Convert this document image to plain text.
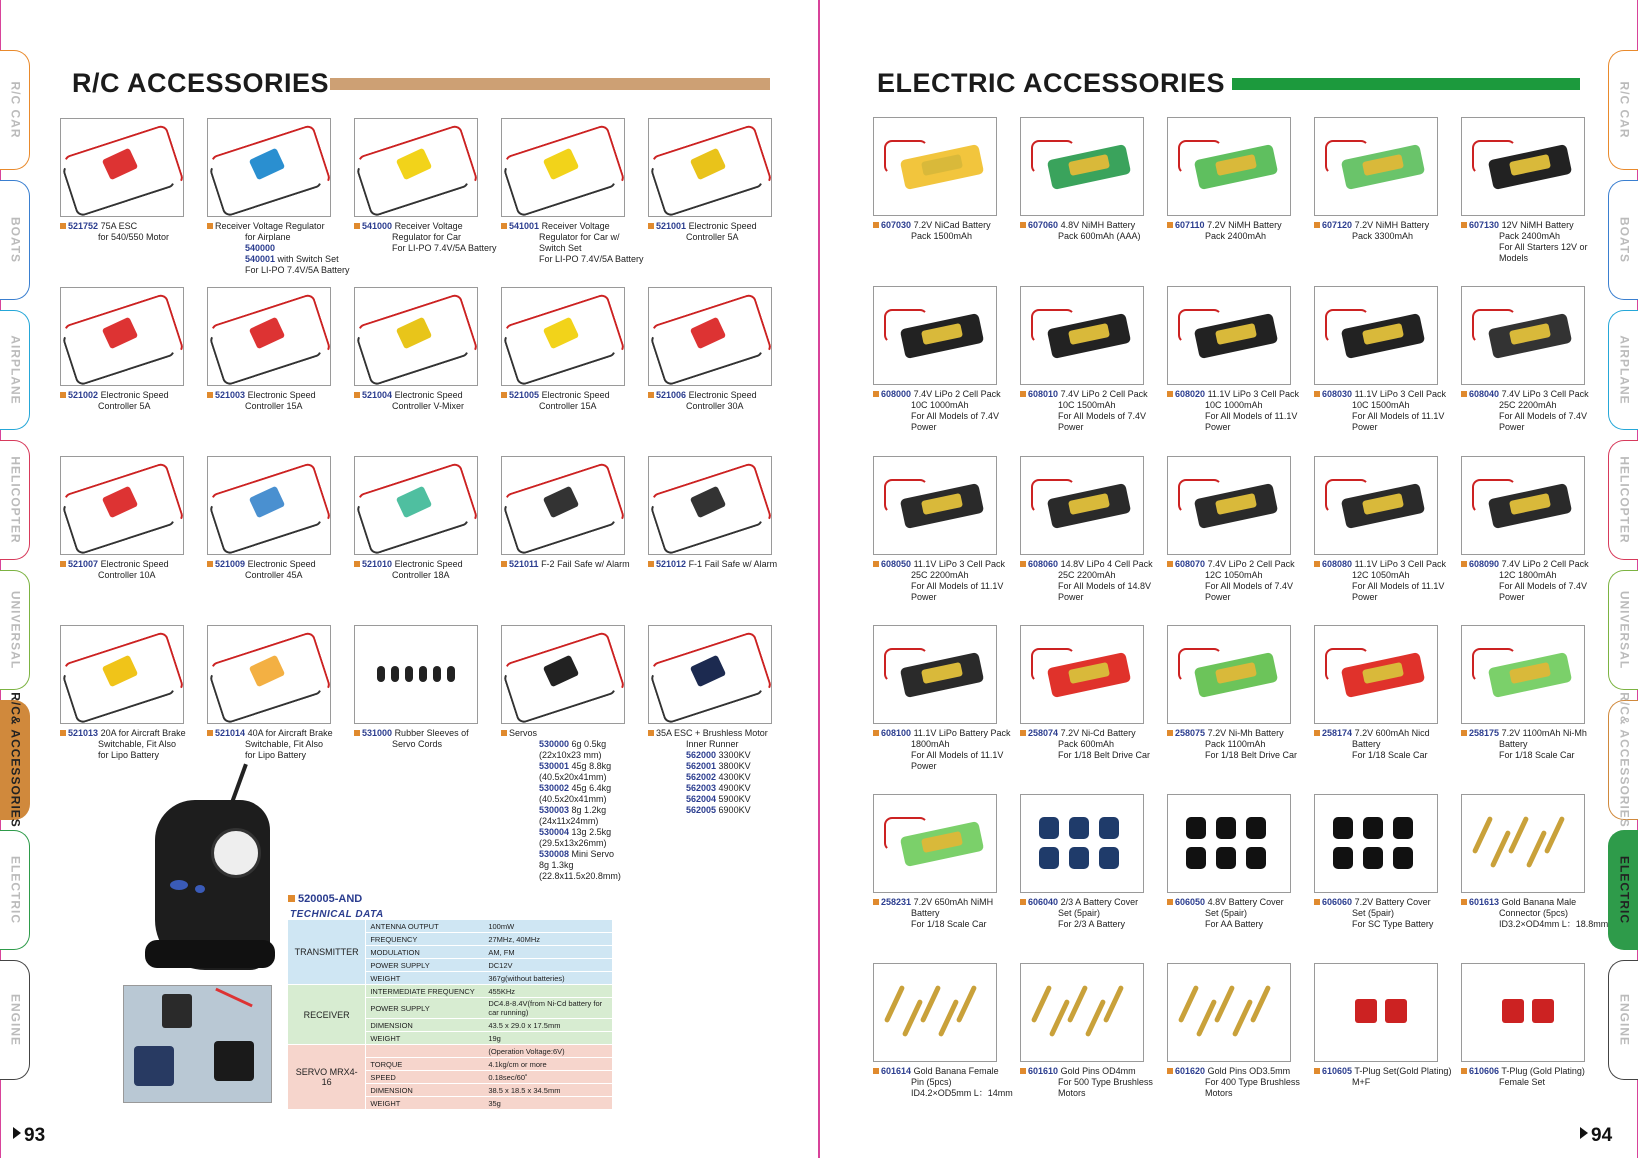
R/C ACCESSORIES	ELECTRIC ACCESSORIES
R/C CAR
BOATS
AIRPLANE
HELICOPTER
UNIVERSAL
R/C& ACCESSORIES
ELECTRIC
ENGINE
R/C CAR
BOATS
AIRPLANE
HELICOPTER
UNIVERSAL
R/C& ACCESSORIES
ELECTRIC
ENGINE
521752 75A ESC
for 540/550 Motor
Receiver Voltage Regulator
for Airplane
540000
540001 with Switch Set
For LI-PO 7.4V/5A Battery
541000 Receiver Voltage
Regulator for Car
For LI-PO 7.4V/5A Battery
541001 Receiver Voltage
Regulator for Car w/
Switch Set
For LI-PO 7.4V/5A Battery
521001 Electronic Speed
Controller 5A
521002 Electronic Speed
Controller 5A
521003 Electronic Speed
Controller 15A
521004 Electronic Speed
Controller V-Mixer
521005 Electronic Speed
Controller 15A
521006 Electronic Speed
Controller 30A
521007 Electronic Speed
Controller 10A
521009 Electronic Speed
Controller 45A
521010 Electronic Speed
Controller 18A
521011 F-2 Fail Safe w/ Alarm	521012 F-1 Fail Safe w/ Alarm
521013 20A for Aircraft Brake
Switchable, Fit Also
for Lipo Battery
521014 40A for Aircraft Brake
Switchable, Fit Also
for Lipo Battery
531000 Rubber Sleeves of
Servo Cords
Servos
530000 6g 0.5kg
(22x10x23 mm)
530001 45g 8.8kg
(40.5x20x41mm)
530002 45g 6.4kg
(40.5x20x41mm)
530003 8g 1.2kg
(24x11x24mm)
530004 13g 2.5kg
(29.5x13x26mm)
530008 Mini Servo
8g 1.3kg
(22.8x11.5x20.8mm)
35A ESC + Brushless Motor
Inner Runner
562000 3300KV
562001 3800KV
562002 4300KV
562003 4900KV
562004 5900KV
562005 6900KV
607030 7.2V NiCad Battery
Pack 1500mAh
607060 4.8V NiMH Battery
Pack 600mAh (AAA)
607110 7.2V NiMH Battery
Pack 2400mAh
607120 7.2V NiMH Battery
Pack 3300mAh
607130 12V NiMH Battery
Pack 2400mAh
For All Starters 12V or Models
608000 7.4V LiPo 2 Cell Pack
10C 1000mAh
For All Models of 7.4V Power
608010 7.4V LiPo 2 Cell Pack
10C 1500mAh
For All Models of 7.4V Power
608020 11.1V LiPo 3 Cell Pack
10C 1000mAh
For All Models of 11.1V Power
608030 11.1V LiPo 3 Cell Pack
10C 1500mAh
For All Models of 11.1V Power
608040 7.4V LiPo 3 Cell Pack
25C 2200mAh
For All Models of 7.4V Power
608050 11.1V LiPo 3 Cell Pack
25C 2200mAh
For All Models of 11.1V Power
608060 14.8V LiPo 4 Cell Pack
25C 2200mAh
For All Models of 14.8V Power
608070 7.4V LiPo 2 Cell Pack
12C 1050mAh
For All Models of 7.4V Power
608080 11.1V LiPo 3 Cell Pack
12C 1050mAh
For All Models of 11.1V Power
608090 7.4V LiPo 2 Cell Pack
12C 1800mAh
For All Models of 7.4V Power
608100 11.1V LiPo Battery Pack
1800mAh
For All Models of 11.1V Power
258074 7.2V Ni-Cd Battery
Pack 600mAh
For 1/18 Belt Drive Car
258075 7.2V Ni-Mh Battery
Pack 1100mAh
For 1/18 Belt Drive Car
258174 7.2V 600mAh Nicd
Battery
For 1/18 Scale Car
258175 7.2V 1100mAh Ni-Mh
Battery
For 1/18 Scale Car
258231 7.2V 650mAh NiMH
Battery
For 1/18 Scale Car
606040 2/3 A Battery Cover
Set (5pair)
For 2/3 A Battery
606050 4.8V Battery Cover
Set (5pair)
For AA Battery
606060 7.2V Battery Cover
Set (5pair)
For SC Type Battery
601613 Gold Banana Male
Connector (5pcs)
ID3.2×OD4mm L：18.8mm
601614 Gold Banana Female
Pin (5pcs)
ID4.2×OD5mm L：14mm
601610 Gold Pins OD4mm
For 500 Type Brushless Motors
601620 Gold Pins OD3.5mm
For 400 Type Brushless Motors
610605 T-Plug Set(Gold Plating)
M+F
610606 T-Plug (Gold Plating)
Female Set
520005-AND
TECHNICAL DATA
TRANSMITTER	ANTENNA OUTPUT	100mW
	FREQUENCY	27MHz, 40MHz
	MODULATION	AM, FM
	POWER SUPPLY	DC12V
	WEIGHT	367g(without batteries)
RECEIVER	INTERMEDIATE FREQUENCY	455KHz
	POWER SUPPLY	DC4.8-8.4V(from Ni-Cd battery for car running)
	DIMENSION	43.5 x 29.0 x 17.5mm
	WEIGHT	19g
SERVO MRX4-16		(Operation Voltage:6V)
	TORQUE	4.1kg/cm or more
	SPEED	0.18sec/60˚
	DIMENSION	38.5 x 18.5 x 34.5mm
	WEIGHT	35g
93	94
